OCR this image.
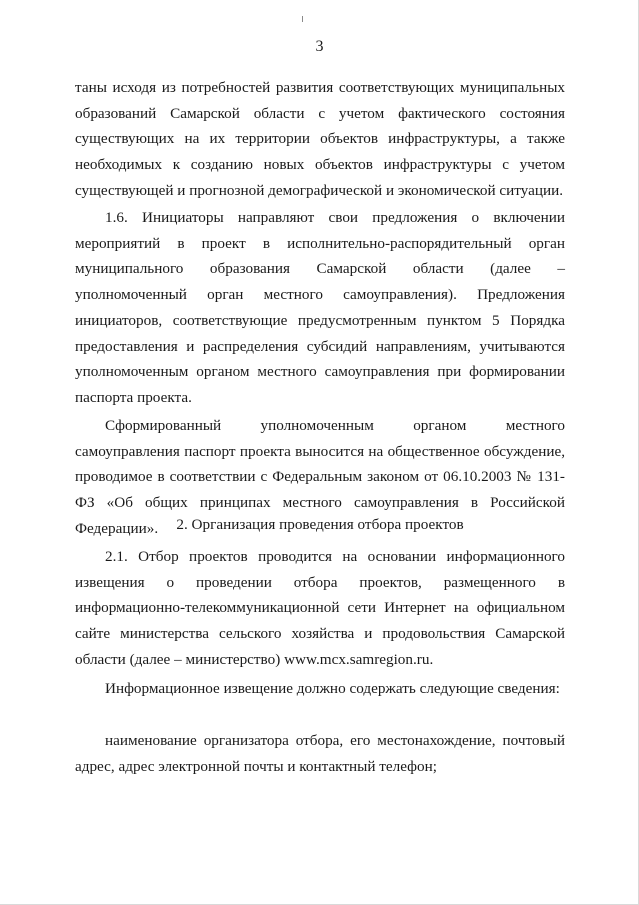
3

таны исходя из потребностей развития соответствующих муниципальных образований Самарской области с учетом фактического состояния существующих на их территории объектов инфраструктуры, а также необходимых к созданию новых объектов инфраструктуры с учетом существующей и прогнозной демографической и экономической ситуации.

1.6. Инициаторы направляют свои предложения о включении мероприятий в проект в исполнительно-распорядительный орган муниципального образования Самарской области (далее – уполномоченный орган местного самоуправления). Предложения инициаторов, соответствующие предусмотренным пунктом 5 Порядка предоставления и распределения субсидий направлениям, учитываются уполномоченным органом местного самоуправления при формировании паспорта проекта.

Сформированный уполномоченным органом местного самоуправления паспорт проекта выносится на общественное обсуждение, проводимое в соответствии с Федеральным законом от 06.10.2003 № 131-ФЗ «Об общих принципах местного самоуправления в Российской Федерации».	2. Организация проведения отбора проектов

2.1. Отбор проектов проводится на основании информационного извещения о проведении отбора проектов, размещенного в информационно-телекоммуникационной сети Интернет на официальном сайте министерства сельского хозяйства и продовольствия Самарской области (далее – министерство) www.mcx.samregion.ru.

Информационное извещение должно содержать следующие сведения:

наименование организатора отбора, его местонахождение, почтовый адрес, адрес электронной почты и контактный телефон;
